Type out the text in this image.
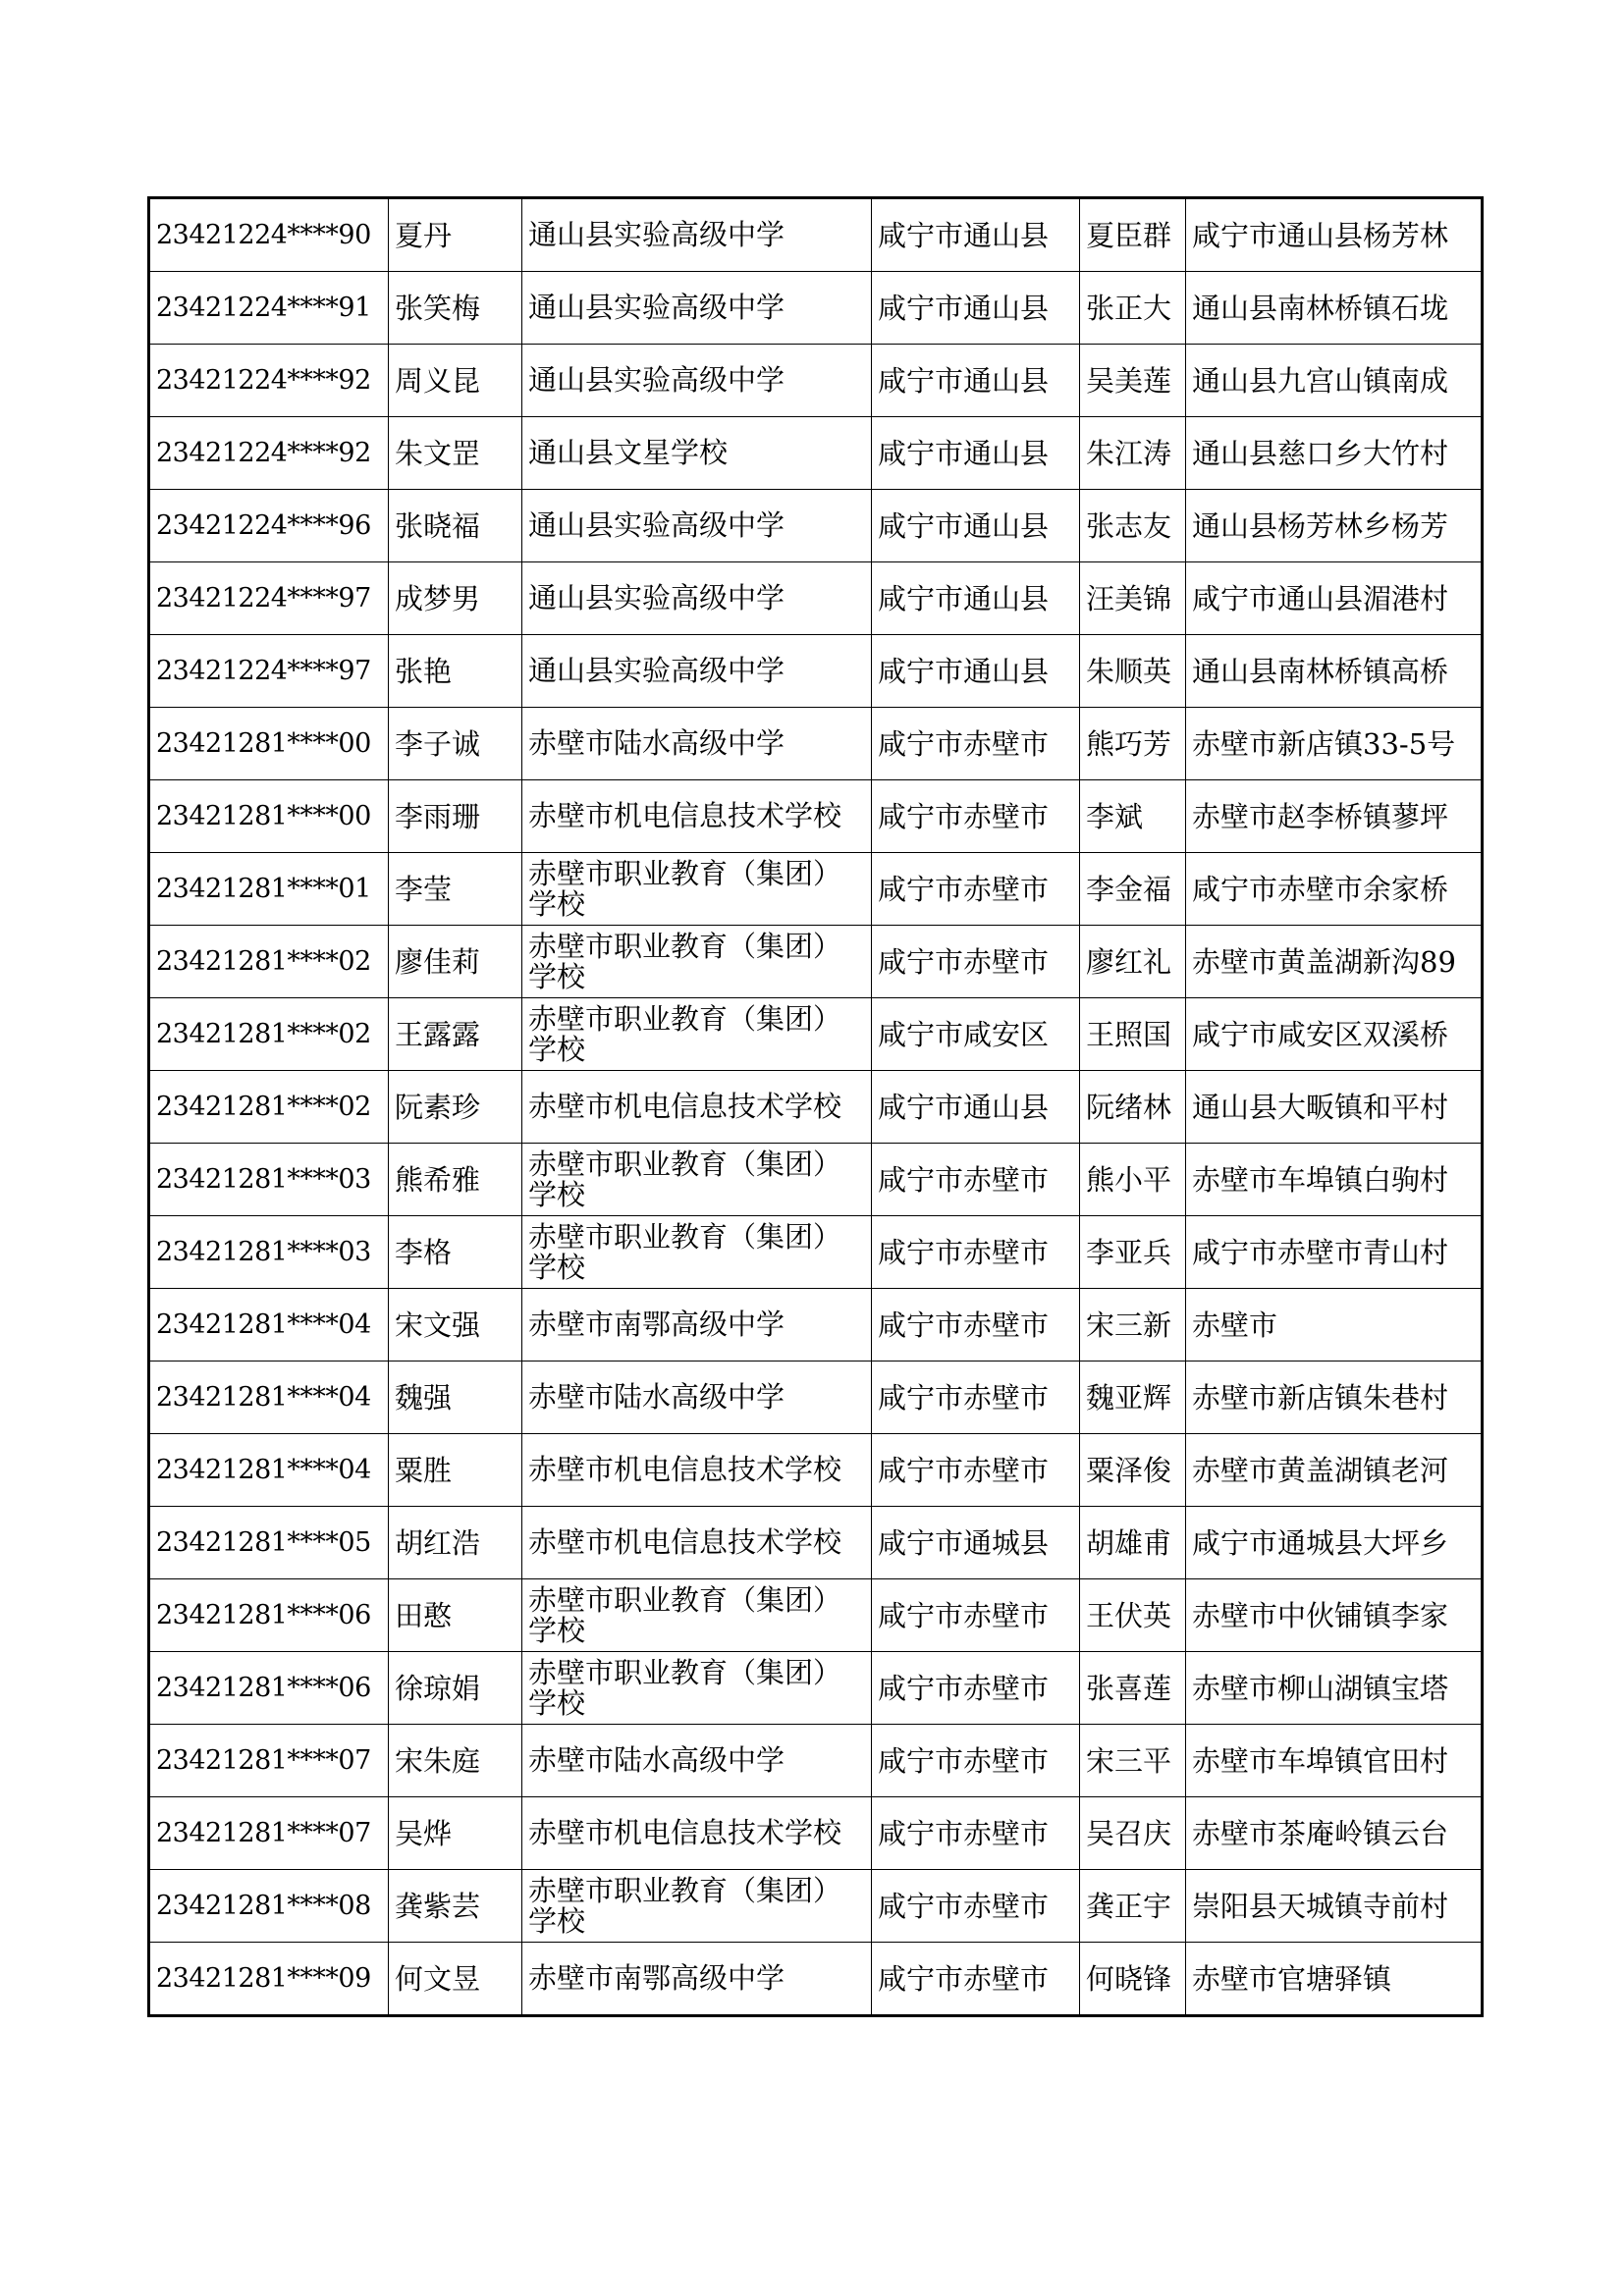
23421224****90	夏丹	通山县实验高级中学	咸宁市通山县	夏臣群	咸宁市通山县杨芳林
23421224****91	张笑梅	通山县实验高级中学	咸宁市通山县	张正大	通山县南林桥镇石垅
23421224****92	周义昆	通山县实验高级中学	咸宁市通山县	吴美莲	通山县九宫山镇南成
23421224****92	朱文罡	通山县文星学校	咸宁市通山县	朱江涛	通山县慈口乡大竹村
23421224****96	张晓福	通山县实验高级中学	咸宁市通山县	张志友	通山县杨芳林乡杨芳
23421224****97	成梦男	通山县实验高级中学	咸宁市通山县	汪美锦	咸宁市通山县湄港村
23421224****97	张艳	通山县实验高级中学	咸宁市通山县	朱顺英	通山县南林桥镇高桥
23421281****00	李子诚	赤壁市陆水高级中学	咸宁市赤壁市	熊巧芳	赤壁市新店镇33-5号
23421281****00	李雨珊	赤壁市机电信息技术学校	咸宁市赤壁市	李斌	赤壁市赵李桥镇蓼坪
23421281****01	李莹	赤壁市职业教育（集团）学校	咸宁市赤壁市	李金福	咸宁市赤壁市余家桥
23421281****02	廖佳莉	赤壁市职业教育（集团）学校	咸宁市赤壁市	廖红礼	赤壁市黄盖湖新沟89
23421281****02	王露露	赤壁市职业教育（集团）学校	咸宁市咸安区	王照国	咸宁市咸安区双溪桥
23421281****02	阮素珍	赤壁市机电信息技术学校	咸宁市通山县	阮绪林	通山县大畈镇和平村
23421281****03	熊希雅	赤壁市职业教育（集团）学校	咸宁市赤壁市	熊小平	赤壁市车埠镇白驹村
23421281****03	李格	赤壁市职业教育（集团）学校	咸宁市赤壁市	李亚兵	咸宁市赤壁市青山村
23421281****04	宋文强	赤壁市南鄂高级中学	咸宁市赤壁市	宋三新	赤壁市
23421281****04	魏强	赤壁市陆水高级中学	咸宁市赤壁市	魏亚辉	赤壁市新店镇朱巷村
23421281****04	粟胜	赤壁市机电信息技术学校	咸宁市赤壁市	粟泽俊	赤壁市黄盖湖镇老河
23421281****05	胡红浩	赤壁市机电信息技术学校	咸宁市通城县	胡雄甫	咸宁市通城县大坪乡
23421281****06	田憨	赤壁市职业教育（集团）学校	咸宁市赤壁市	王伏英	赤壁市中伙铺镇李家
23421281****06	徐琼娟	赤壁市职业教育（集团）学校	咸宁市赤壁市	张喜莲	赤壁市柳山湖镇宝塔
23421281****07	宋朱庭	赤壁市陆水高级中学	咸宁市赤壁市	宋三平	赤壁市车埠镇官田村
23421281****07	吴烨	赤壁市机电信息技术学校	咸宁市赤壁市	吴召庆	赤壁市茶庵岭镇云台
23421281****08	龚紫芸	赤壁市职业教育（集团）学校	咸宁市赤壁市	龚正宇	崇阳县天城镇寺前村
23421281****09	何文昱	赤壁市南鄂高级中学	咸宁市赤壁市	何晓锋	赤壁市官塘驿镇
